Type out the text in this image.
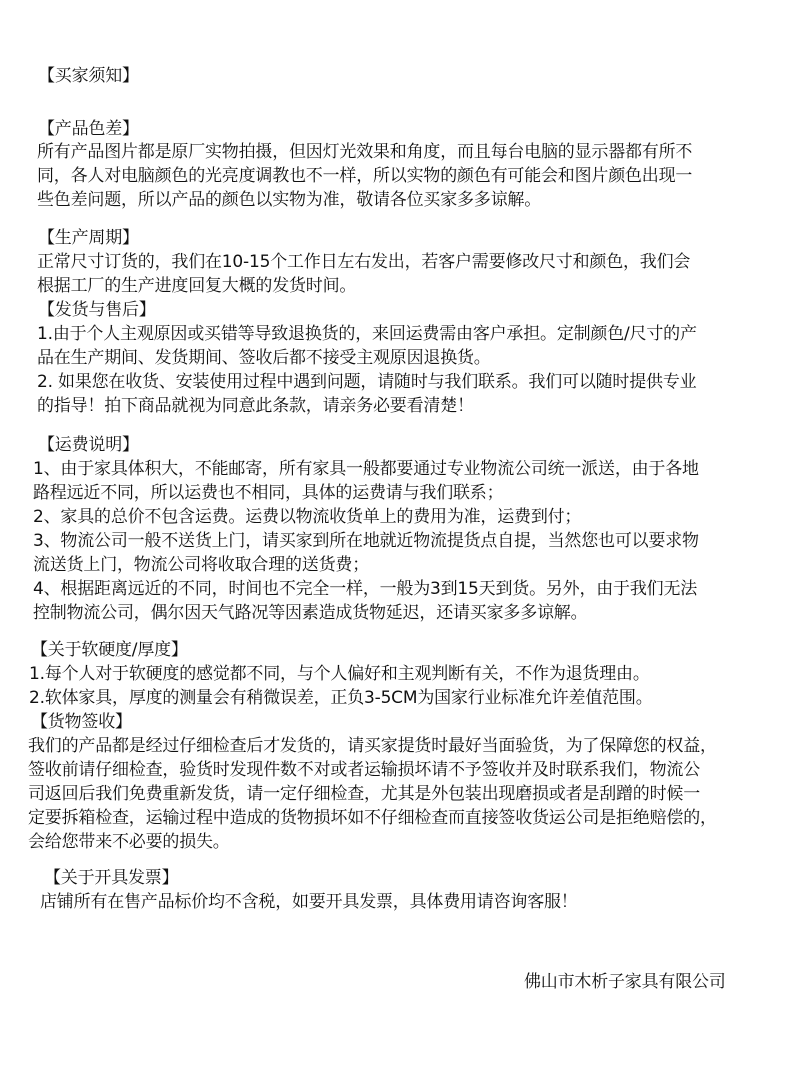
【买家须知】
【产品色差】
所有产品图片都是原厂实物拍摄，但因灯光效果和角度，而且每台电脑的显示器都有所不
同，各人对电脑颜色的光亮度调教也不一样，所以实物的颜色有可能会和图片颜色出现一
些色差问题，所以产品的颜色以实物为准，敬请各位买家多多谅解。
【生产周期】
正常尺寸订货的，我们在10-15个工作日左右发出，若客户需要修改尺寸和颜色，我们会
根据工厂的生产进度回复大概的发货时间。
【发货与售后】
1.由于个人主观原因或买错等导致退换货的，来回运费需由客户承担。定制颜色/尺寸的产
品在生产期间、发货期间、签收后都不接受主观原因退换货。
2. 如果您在收货、安装使用过程中遇到问题，请随时与我们联系。我们可以随时提供专业
的指导！拍下商品就视为同意此条款，请亲务必要看清楚！
【运费说明】
1、由于家具体积大，不能邮寄，所有家具一般都要通过专业物流公司统一派送，由于各地
路程远近不同，所以运费也不相同，具体的运费请与我们联系；
2、家具的总价不包含运费。运费以物流收货单上的费用为准，运费到付；
3、物流公司一般不送货上门，请买家到所在地就近物流提货点自提，当然您也可以要求物
流送货上门，物流公司将收取合理的送货费；
4、根据距离远近的不同，时间也不完全一样，一般为3到15天到货。另外，由于我们无法
控制物流公司，偶尔因天气路况等因素造成货物延迟，还请买家多多谅解。
【关于软硬度/厚度】
1.每个人对于软硬度的感觉都不同，与个人偏好和主观判断有关，不作为退货理由。
2.软体家具，厚度的测量会有稍微误差，正负3-5CM为国家行业标准允许差值范围。
【货物签收】
我们的产品都是经过仔细检查后才发货的，请买家提货时最好当面验货，为了保障您的权益，
签收前请仔细检查，验货时发现件数不对或者运输损坏请不予签收并及时联系我们，物流公
司返回后我们免费重新发货，请一定仔细检查，尤其是外包装出现磨损或者是刮蹭的时候一
定要拆箱检查，运输过程中造成的货物损坏如不仔细检查而直接签收货运公司是拒绝赔偿的，
会给您带来不必要的损失。
【关于开具发票】
店铺所有在售产品标价均不含税，如要开具发票，具体费用请咨询客服！
佛山市木析子家具有限公司
